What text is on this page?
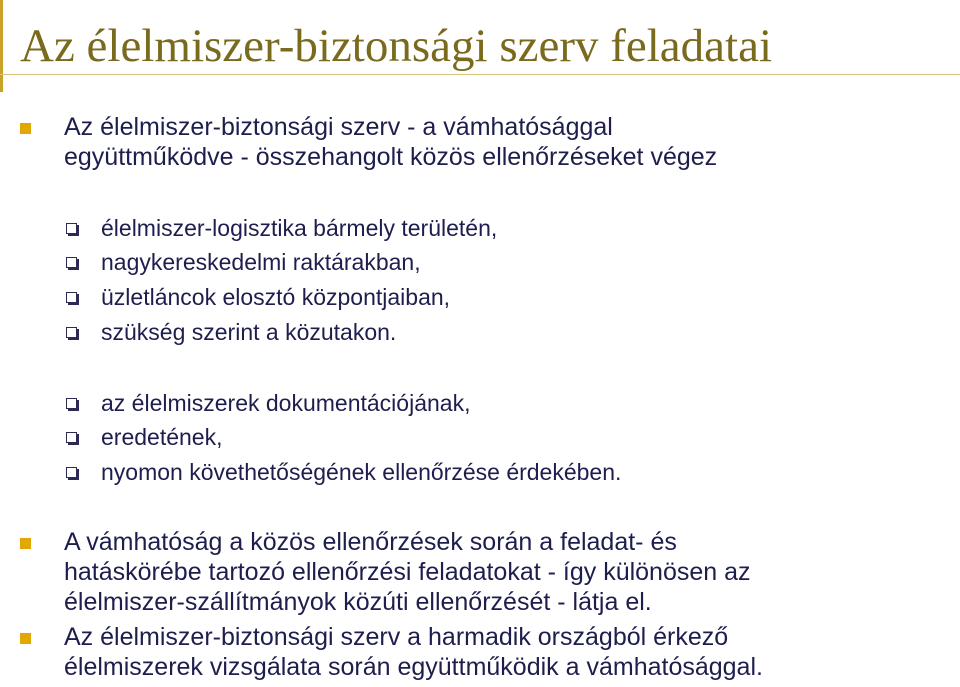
Az élelmiszer-biztonsági szerv feladatai
Az élelmiszer-biztonsági szerv - a vámhatósággal
együttműködve - összehangolt közös ellenőrzéseket végez
élelmiszer-logisztika bármely területén,
nagykereskedelmi raktárakban,
üzletláncok elosztó központjaiban,
szükség szerint a közutakon.
az élelmiszerek dokumentációjának,
eredetének,
nyomon követhetőségének ellenőrzése érdekében.
A vámhatóság a közös ellenőrzések során a feladat- és
hatáskörébe tartozó ellenőrzési feladatokat - így különösen az
élelmiszer-szállítmányok közúti ellenőrzését - látja el.
Az élelmiszer-biztonsági szerv a harmadik országból érkező
élelmiszerek vizsgálata során együttműködik a vámhatósággal.
